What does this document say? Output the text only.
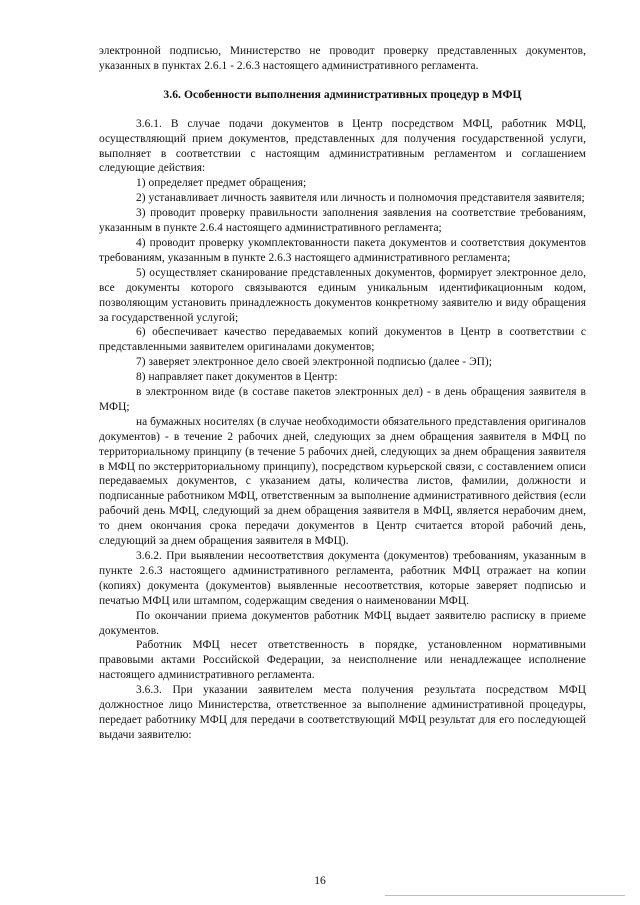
электронной подписью, Министерство не проводит проверку представленных документов, указанных в пунктах 2.6.1 - 2.6.3 настоящего административного регламента.

3.6. Особенности выполнения административных процедур в МФЦ

3.6.1. В случае подачи документов в Центр посредством МФЦ, работник МФЦ, осуществляющий прием документов, представленных для получения государственной услуги, выполняет в соответствии с настоящим административным регламентом и соглашением следующие действия:

1) определяет предмет обращения;

2) устанавливает личность заявителя или личность и полномочия представителя заявителя;

3) проводит проверку правильности заполнения заявления на соответствие требованиям, указанным в пункте 2.6.4 настоящего административного регламента;

4) проводит проверку укомплектованности пакета документов и соответствия документов требованиям, указанным в пункте 2.6.3 настоящего административного регламента;

5) осуществляет сканирование представленных документов, формирует электронное дело, все документы которого связываются единым уникальным идентификационным кодом, позволяющим установить принадлежность документов конкретному заявителю и виду обращения за государственной услугой;

6) обеспечивает качество передаваемых копий документов в Центр в соответствии с представленными заявителем оригиналами документов;

7) заверяет электронное дело своей электронной подписью (далее - ЭП);

8) направляет пакет документов в Центр:

в электронном виде (в составе пакетов электронных дел) - в день обращения заявителя в МФЦ;

на бумажных носителях (в случае необходимости обязательного представления оригиналов документов) - в течение 2 рабочих дней, следующих за днем обращения заявителя в МФЦ по территориальному принципу (в течение 5 рабочих дней, следующих за днем обращения заявителя в МФЦ по экстерриториальному принципу), посредством курьерской связи, с составлением описи передаваемых документов, с указанием даты, количества листов, фамилии, должности и подписанные работником МФЦ, ответственным за выполнение административного действия (если рабочий день МФЦ, следующий за днем обращения заявителя в МФЦ, является нерабочим днем, то днем окончания срока передачи документов в Центр считается второй рабочий день, следующий за днем обращения заявителя в МФЦ).

3.6.2. При выявлении несоответствия документа (документов) требованиям, указанным в пункте 2.6.3 настоящего административного регламента, работник МФЦ отражает на копии (копиях) документа (документов) выявленные несоответствия, которые заверяет подписью и печатью МФЦ или штампом, содержащим сведения о наименовании МФЦ.

По окончании приема документов работник МФЦ выдает заявителю расписку в приеме документов.

Работник МФЦ несет ответственность в порядке, установленном нормативными правовыми актами Российской Федерации, за неисполнение или ненадлежащее исполнение настоящего административного регламента.

3.6.3. При указании заявителем места получения результата посредством МФЦ должностное лицо Министерства, ответственное за выполнение административной процедуры, передает работнику МФЦ для передачи в соответствующий МФЦ результат для его последующей выдачи заявителю:

16
